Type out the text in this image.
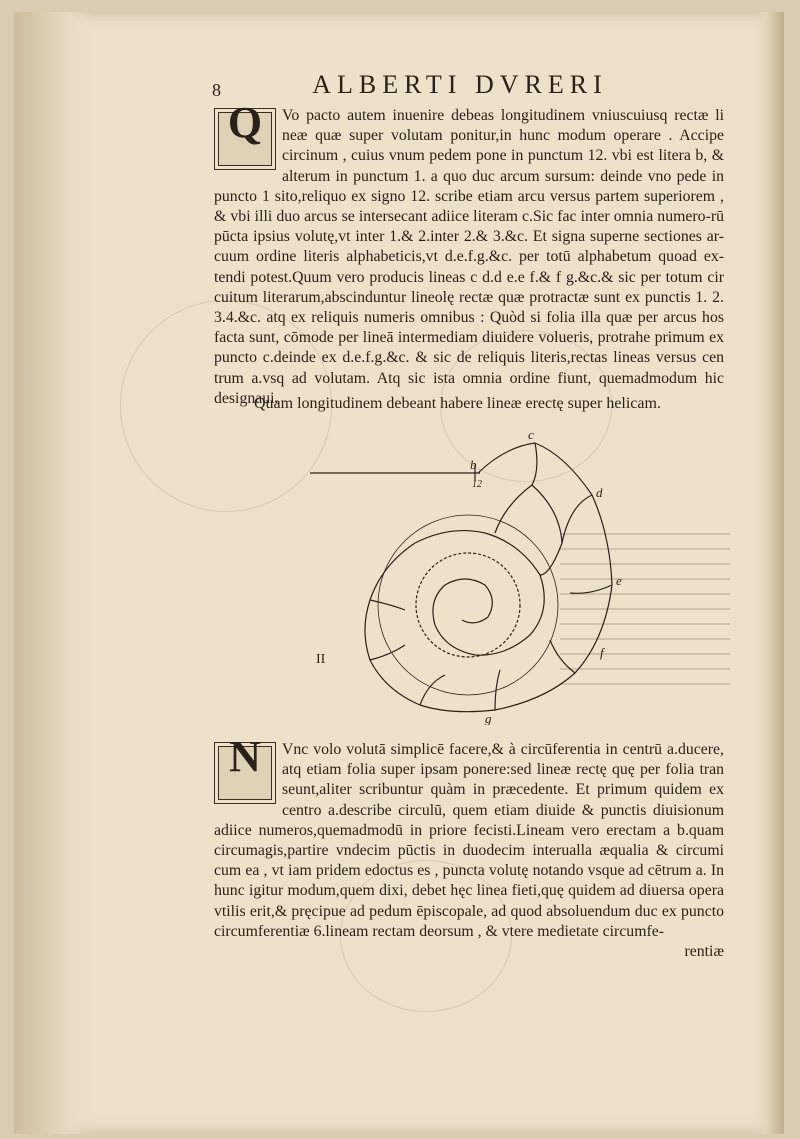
ALBERTI DVRERI
8
Q	Vo pacto autem inuenire debeas longitudinem vniuscuiusq rectæ li neæ quæ super volutam ponitur,in hunc modum operare . Accipe circinum , cuius vnum pedem pone in punctum 12. vbi est litera b, & alterum in punctum 1. a quo duc arcum sursum: deinde vno pede in puncto 1 sito,reliquo ex signo 12. scribe etiam arcu versus partem superiorem , & vbi illi duo arcus se intersecant adiice literam c.Sic fac inter omnia numero-rū pūcta ipsius volutę,vt inter 1.& 2.inter 2.& 3.&c. Et signa superne sectiones ar-cuum ordine literis alphabeticis,vt d.e.f.g.&c. per totū alphabetum quoad ex-tendi potest.Quum vero producis lineas c d.d e.e f.& f g.&c.& sic per totum cir cuitum literarum,abscinduntur lineolę rectæ quæ protractæ sunt ex punctis 1. 2. 3.4.&c. atq ex reliquis numeris omnibus : Quòd si folia illa quæ per arcus hos facta sunt, cōmode per lineā intermediam diuidere volueris, protrahe primum ex puncto c.deinde ex d.e.f.g.&c. & sic de reliquis literis,rectas lineas versus cen trum a.vsq ad volutam. Atq sic ista omnia ordine fiunt, quemadmodum hic designaui.

Quam longitudinem debeant habere lineæ erectę super helicam.
b
c
d
e
f
g
12
II
N	Vnc volo volutā simplicē facere,& à circūferentia in centrū a.ducere, atq etiam folia super ipsam ponere:sed lineæ rectę quę per folia tran seunt,aliter scribuntur quàm in præcedente. Et primum quidem ex centro a.describe circulū, quem etiam diuide & punctis diuisionum adiice numeros,quemadmodū in priore fecisti.Lineam vero erectam a b.quam circumagis,partire vndecim pūctis in duodecim interualla æqualia & circumi cum ea , vt iam pridem edoctus es , puncta volutę notando vsque ad cētrum a. In hunc igitur modum,quem dixi, debet hęc linea fieti,quę quidem ad diuersa opera vtilis erit,& pręcipue ad pedum ēpiscopale, ad quod absoluendum duc ex puncto circumferentiæ 6.lineam rectam deorsum , & vtere medietate circumfe-

rentiæ
